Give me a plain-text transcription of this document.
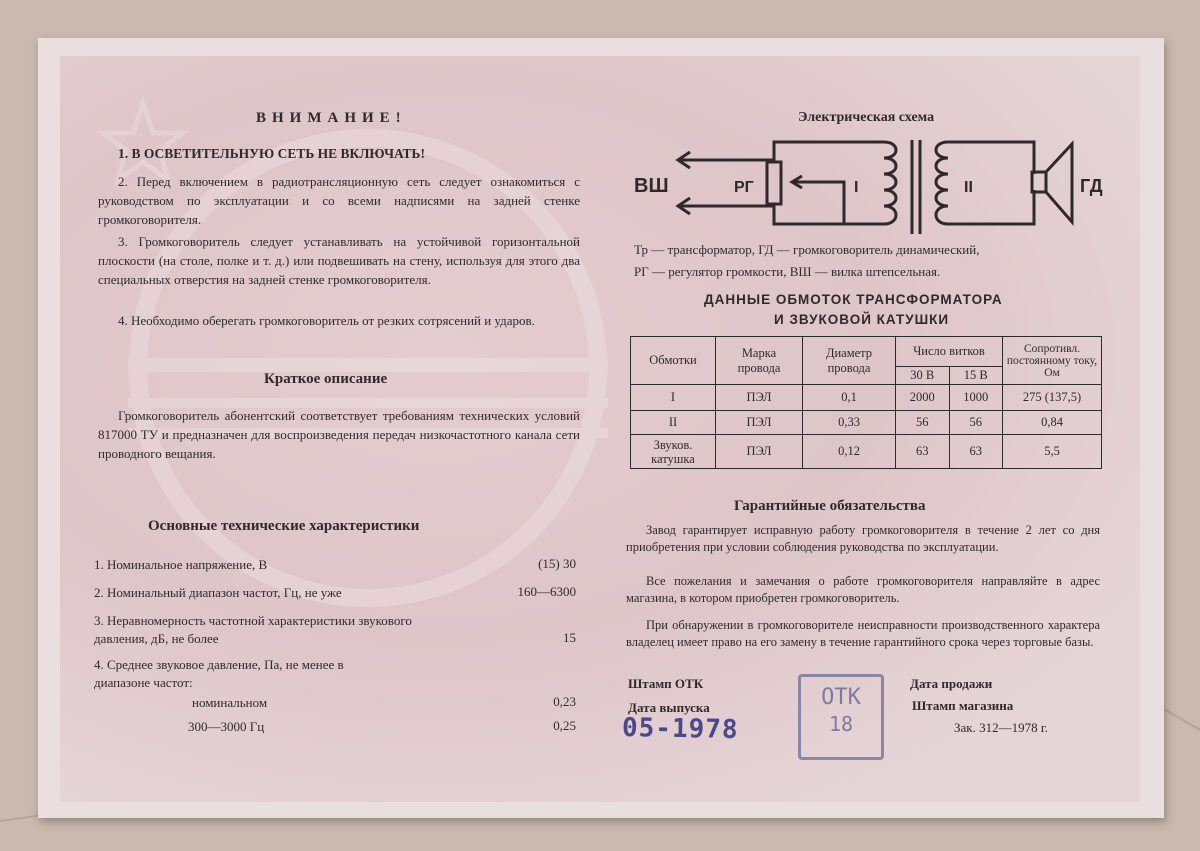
ВНИМАНИЕ!
1. В ОСВЕТИТЕЛЬНУЮ СЕТЬ НЕ ВКЛЮЧАТЬ!
2. Перед включением в радиотрансляционную сеть следует ознакомиться с руководством по эксплуатации и со всеми надписями на задней стенке громкоговорителя.
3. Громкоговоритель следует устанавливать на устойчивой горизонтальной плоскости (на столе, полке и т. д.) или подвешивать на стену, используя для этого два специальных отверстия на задней стенке громкоговорителя.
4. Необходимо оберегать громкоговоритель от резких сотрясений и ударов.
Краткое описание
Громкоговоритель абонентский соответствует требованиям технических условий 817000 ТУ и предназначен для воспроизведения передач низкочастотного канала сети проводного вещания.
Основные технические характеристики
1. Номинальное напряжение, В	(15) 30
2. Номинальный диапазон частот, Гц, не уже	160—6300
3. Неравномерность частотной характеристики звукового давления, дБ, не более	15
4. Среднее звуковое давление, Па, не менее в диапазоне частот:
номинальном	0,23
300—3000 Гц	0,25
Электрическая схема
ВШ	РГ	I	II	ГД
Тр — трансформатор, ГД — громкоговоритель динамический,
РГ — регулятор громкости, ВШ — вилка штепсельная.
ДАННЫЕ ОБМОТОК ТРАНСФОРМАТОРА
И ЗВУКОВОЙ КАТУШКИ
Обмотки	Марка провода	Диаметр провода	Число витков		Сопротивл. постоянному току, Ом
			30 В	15 В	
I	ПЭЛ	0,1	2000	1000	275 (137,5)
II	ПЭЛ	0,33	56	56	0,84
Звуков. катушка	ПЭЛ	0,12	63	63	5,5
Гарантийные обязательства
Завод гарантирует исправную работу громкоговорителя в течение 2 лет со дня приобретения при условии соблюдения руководства по эксплуатации.
Все пожелания и замечания о работе громкоговорителя направляйте в адрес магазина, в котором приобретен громкоговоритель.
При обнаружении в громкоговорителе неисправности производственного характера владелец имеет право на его замену в течение гарантийного срока через торговые базы.
Штамп ОТК	Дата продажи
Дата выпуска	Штамп магазина
05-1978
ОТК
18	Зак. 312—1978 г.
